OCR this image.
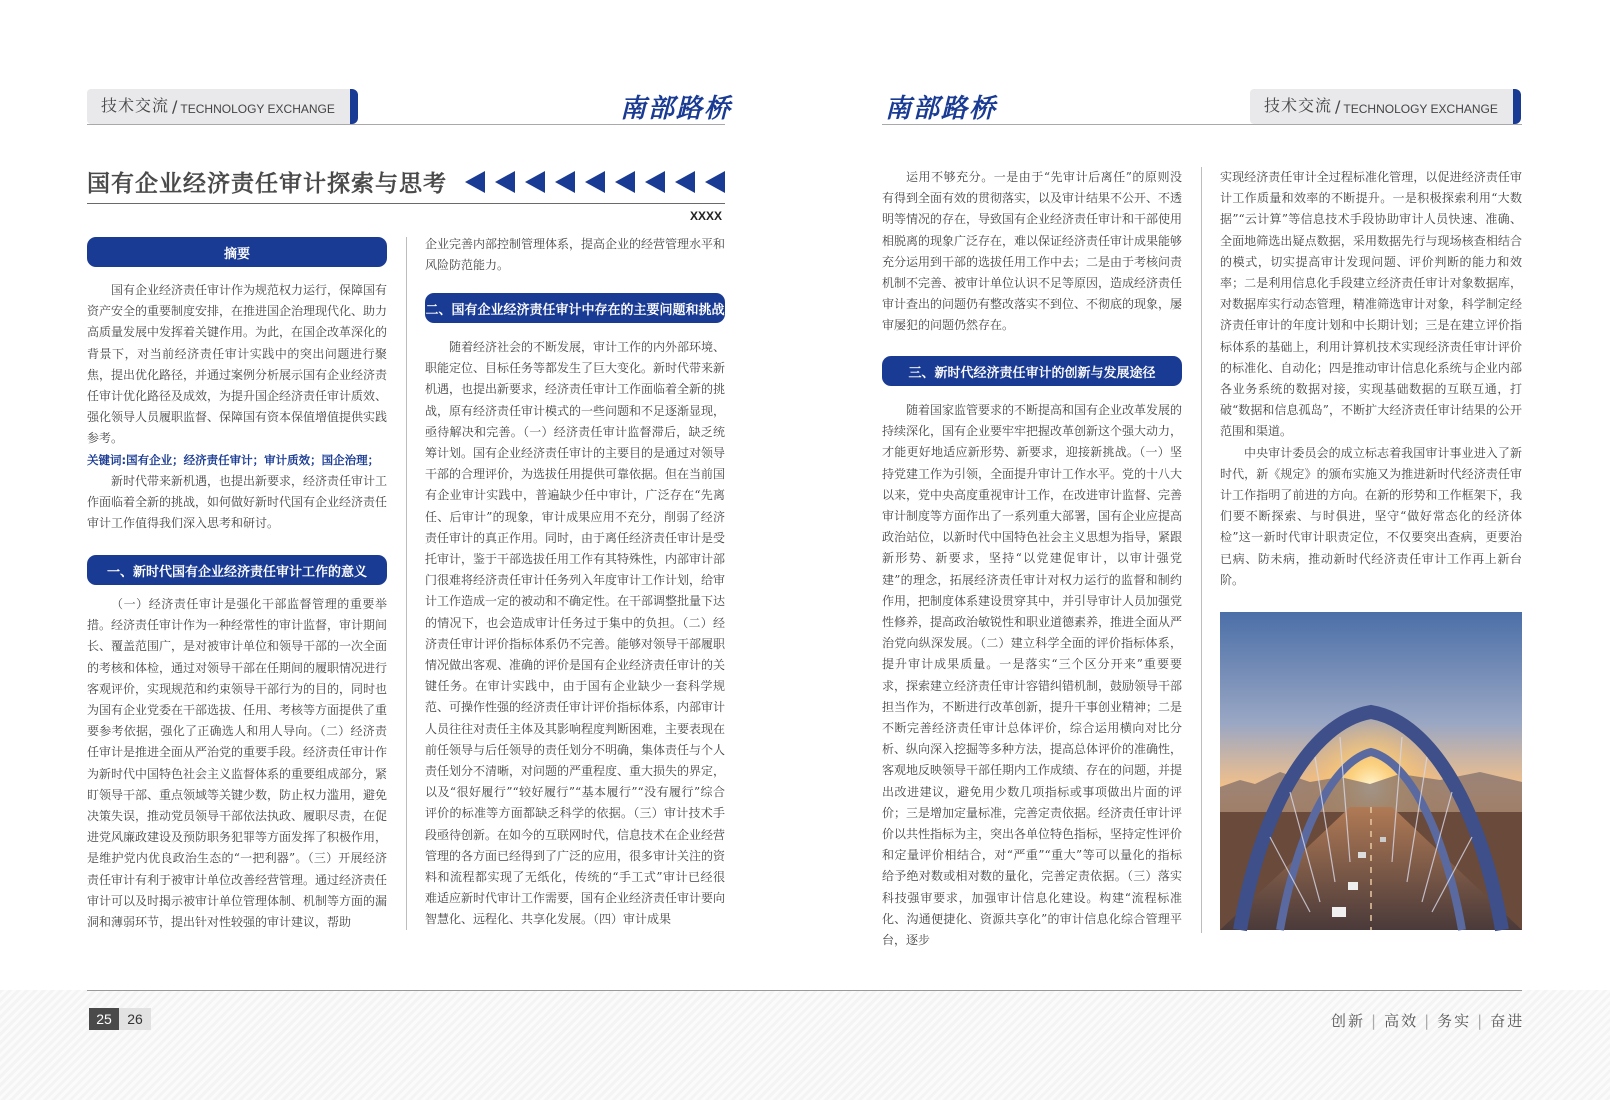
技术交流 / TECHNOLOGY EXCHANGE	南部路桥	南部路桥	技术交流 / TECHNOLOGY EXCHANGE
国有企业经济责任审计探索与思考
XXXX
摘要

国有企业经济责任审计作为规范权力运行，保障国有资产安全的重要制度安排，在推进国企治理现代化、助力高质量发展中发挥着关键作用。为此，在国企改革深化的背景下，对当前经济责任审计实践中的突出问题进行聚焦，提出优化路径，并通过案例分析展示国有企业经济责任审计优化路径及成效，为提升国企经济责任审计质效、强化领导人员履职监督、保障国有资本保值增值提供实践参考。

关键词:国有企业；经济责任审计；审计质效；国企治理；

新时代带来新机遇，也提出新要求，经济责任审计工作面临着全新的挑战，如何做好新时代国有企业经济责任审计工作值得我们深入思考和研讨。

一、新时代国有企业经济责任审计工作的意义

（一）经济责任审计是强化干部监督管理的重要举措。经济责任审计作为一种经常性的审计监督，审计期间长、覆盖范围广，是对被审计单位和领导干部的一次全面的考核和体检，通过对领导干部在任期间的履职情况进行客观评价，实现规范和约束领导干部行为的目的，同时也为国有企业党委在干部选拔、任用、考核等方面提供了重要参考依据，强化了正确选人和用人导向。（二）经济责任审计是推进全面从严治党的重要手段。经济责任审计作为新时代中国特色社会主义监督体系的重要组成部分，紧盯领导干部、重点领域等关键少数，防止权力滥用，避免决策失误，推动党员领导干部依法执政、履职尽责，在促进党风廉政建设及预防职务犯罪等方面发挥了积极作用，是维护党内优良政治生态的“一把利器”。（三）开展经济责任审计有利于被审计单位改善经营管理。通过经济责任审计可以及时揭示被审计单位管理体制、机制等方面的漏洞和薄弱环节，提出针对性较强的审计建议，帮助

企业完善内部控制管理体系，提高企业的经营管理水平和风险防范能力。

二、国有企业经济责任审计中存在的主要问题和挑战

随着经济社会的不断发展，审计工作的内外部环境、职能定位、目标任务等都发生了巨大变化。新时代带来新机遇，也提出新要求，经济责任审计工作面临着全新的挑战，原有经济责任审计模式的一些问题和不足逐渐显现，亟待解决和完善。（一）经济责任审计监督滞后，缺乏统筹计划。国有企业经济责任审计的主要目的是通过对领导干部的合理评价，为选拔任用提供可靠依据。但在当前国有企业审计实践中，普遍缺少任中审计，广泛存在“先离任、后审计”的现象，审计成果应用不充分，削弱了经济责任审计的真正作用。同时，由于离任经济责任审计是受托审计，鉴于干部选拔任用工作有其特殊性，内部审计部门很难将经济责任审计任务列入年度审计工作计划，给审计工作造成一定的被动和不确定性。在干部调整批量下达的情况下，也会造成审计任务过于集中的负担。（二）经济责任审计评价指标体系仍不完善。能够对领导干部履职情况做出客观、准确的评价是国有企业经济责任审计的关键任务。在审计实践中，由于国有企业缺少一套科学规范、可操作性强的经济责任审计评价指标体系，内部审计人员往往对责任主体及其影响程度判断困难，主要表现在前任领导与后任领导的责任划分不明确，集体责任与个人责任划分不清晰，对问题的严重程度、重大损失的界定，以及“很好履行”“较好履行”“基本履行”“没有履行”综合评价的标准等方面都缺乏科学的依据。（三）审计技术手段亟待创新。在如今的互联网时代，信息技术在企业经营管理的各方面已经得到了广泛的应用，很多审计关注的资料和流程都实现了无纸化，传统的“手工式”审计已经很难适应新时代审计工作需要，国有企业经济责任审计要向智慧化、远程化、共享化发展。（四）审计成果

运用不够充分。一是由于“先审计后离任”的原则没有得到全面有效的贯彻落实，以及审计结果不公开、不透明等情况的存在，导致国有企业经济责任审计和干部使用相脱离的现象广泛存在，难以保证经济责任审计成果能够充分运用到干部的选拔任用工作中去；二是由于考核问责机制不完善、被审计单位认识不足等原因，造成经济责任审计查出的问题仍有整改落实不到位、不彻底的现象，屡审屡犯的问题仍然存在。

三、新时代经济责任审计的创新与发展途径

随着国家监管要求的不断提高和国有企业改革发展的持续深化，国有企业要牢牢把握改革创新这个强大动力，才能更好地适应新形势、新要求，迎接新挑战。（一）坚持党建工作为引领，全面提升审计工作水平。党的十八大以来，党中央高度重视审计工作，在改进审计监督、完善审计制度等方面作出了一系列重大部署，国有企业应提高政治站位，以新时代中国特色社会主义思想为指导，紧跟新形势、新要求，坚持“以党建促审计，以审计强党建”的理念，拓展经济责任审计对权力运行的监督和制约作用，把制度体系建设贯穿其中，并引导审计人员加强党性修养，提高政治敏锐性和职业道德素养，推进全面从严治党向纵深发展。（二）建立科学全面的评价指标体系，提升审计成果质量。一是落实“三个区分开来”重要要求，探索建立经济责任审计容错纠错机制，鼓励领导干部担当作为，不断进行改革创新，提升干事创业精神；二是不断完善经济责任审计总体评价，综合运用横向对比分析、纵向深入挖掘等多种方法，提高总体评价的准确性，客观地反映领导干部任期内工作成绩、存在的问题，并提出改进建议，避免用少数几项指标或事项做出片面的评价；三是增加定量标准，完善定责依据。经济责任审计评价以共性指标为主，突出各单位特色指标，坚持定性评价和定量评价相结合，对“严重”“重大”等可以量化的指标给予绝对数或相对数的量化，完善定责依据。（三）落实科技强审要求，加强审计信息化建设。构建“流程标准化、沟通便捷化、资源共享化”的审计信息化综合管理平台，逐步

实现经济责任审计全过程标准化管理，以促进经济责任审计工作质量和效率的不断提升。一是积极探索利用“大数据”“云计算”等信息技术手段协助审计人员快速、准确、全面地筛选出疑点数据，采用数据先行与现场核查相结合的模式，切实提高审计发现问题、评价判断的能力和效率；二是利用信息化手段建立经济责任审计对象数据库，对数据库实行动态管理，精准筛选审计对象，科学制定经济责任审计的年度计划和中长期计划；三是在建立评价指标体系的基础上，利用计算机技术实现经济责任审计评价的标准化、自动化；四是推动审计信息化系统与企业内部各业务系统的数据对接，实现基础数据的互联互通，打破“数据和信息孤岛”，不断扩大经济责任审计结果的公开范围和渠道。

中央审计委员会的成立标志着我国审计事业进入了新时代，新《规定》的颁布实施又为推进新时代经济责任审计工作指明了前进的方向。在新的形势和工作框架下，我们要不断探索、与时俱进，坚守“做好常态化的经济体检”这一新时代审计职责定位，不仅要突出查病，更要治已病、防未病，推动新时代经济责任审计工作再上新台阶。

25	26	创新 | 高效 | 务实 | 奋进
